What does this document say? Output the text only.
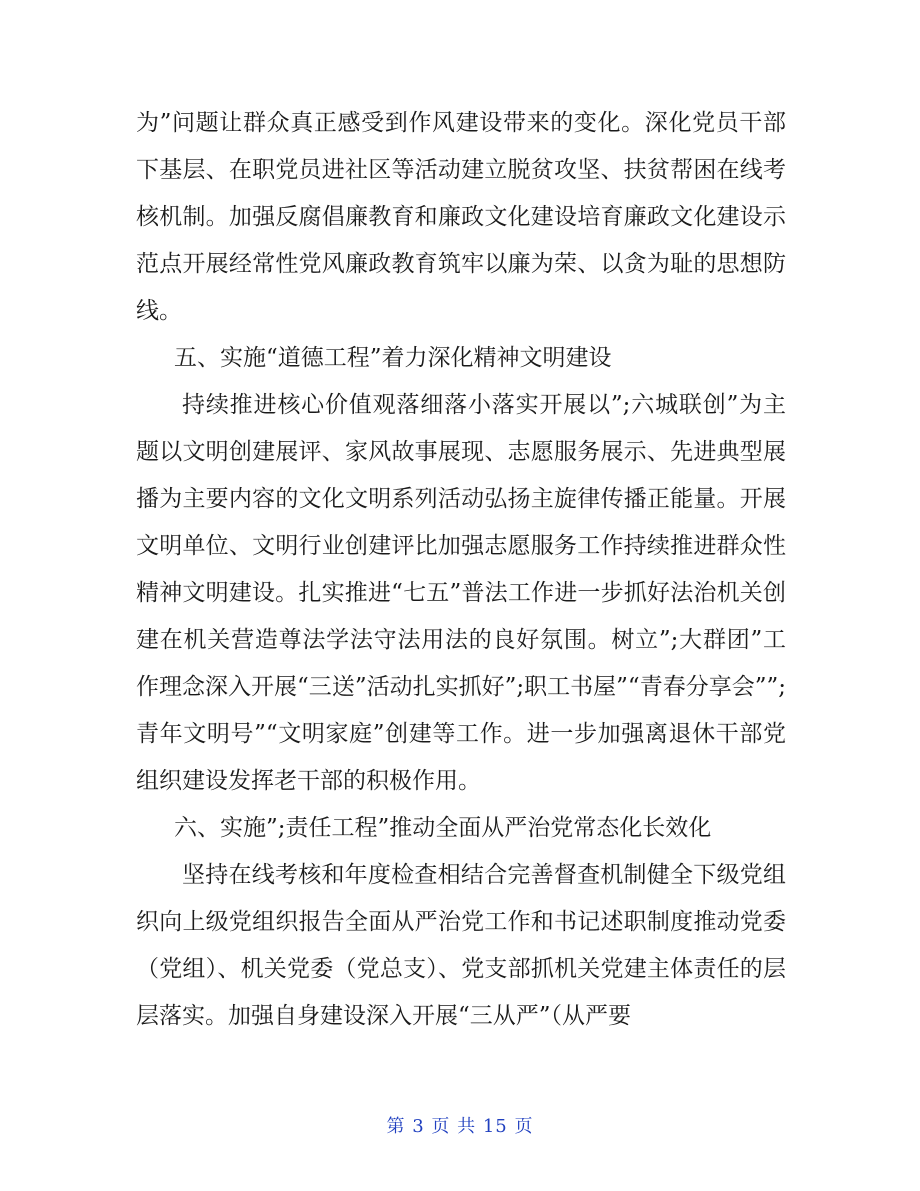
为”问题让群众真正感受到作风建设带来的变化。深化党员干部下基层、在职党员进社区等活动建立脱贫攻坚、扶贫帮困在线考核机制。加强反腐倡廉教育和廉政文化建设培育廉政文化建设示范点开展经常性党风廉政教育筑牢以廉为荣、以贪为耻的思想防线。

五、实施“道德工程”着力深化精神文明建设

持续推进核心价值观落细落小落实开展以”;六城联创”为主题以文明创建展评、家风故事展现、志愿服务展示、先进典型展播为主要内容的文化文明系列活动弘扬主旋律传播正能量。开展文明单位、文明行业创建评比加强志愿服务工作持续推进群众性精神文明建设。扎实推进“七五”普法工作进一步抓好法治机关创建在机关营造尊法学法守法用法的良好氛围。树立”;大群团”工作理念深入开展“三送”活动扎实抓好”;职工书屋”“青春分享会””;青年文明号”“文明家庭”创建等工作。进一步加强离退休干部党组织建设发挥老干部的积极作用。

六、实施”;责任工程”推动全面从严治党常态化长效化

坚持在线考核和年度检查相结合完善督查机制健全下级党组织向上级党组织报告全面从严治党工作和书记述职制度推动党委（党组）、机关党委（党总支）、党支部抓机关党建主体责任的层层落实。加强自身建设深入开展“三从严”（从严要

第 3 页 共 15 页
